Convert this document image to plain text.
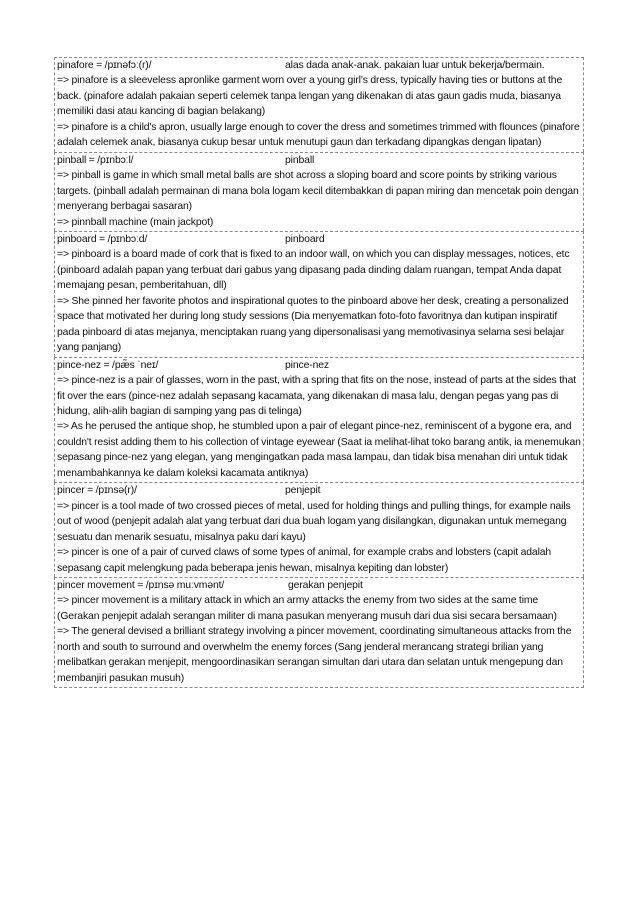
pinafore = /pɪnəfɔː(r)/	alas dada anak-anak. pakaian luar untuk bekerja/bermain.
=> pinafore is a sleeveless apronlike garment worn over a young girl's dress, typically having ties or buttons at the back. (pinafore adalah pakaian seperti celemek tanpa lengan yang dikenakan di atas gaun gadis muda, biasanya memiliki dasi atau kancing di bagian belakang)
=> pinafore is a child's apron, usually large enough to cover the dress and sometimes trimmed with flounces (pinafore adalah celemek anak, biasanya cukup besar untuk menutupi gaun dan terkadang dipangkas dengan lipatan)
pinball = /pɪnbɔːl/	pinball
=> pinball is game in which small metal balls are shot across a sloping board and score points by striking various targets. (pinball adalah permainan di mana bola logam kecil ditembakkan di papan miring dan mencetak poin dengan menyerang berbagai sasaran)
=> pinnball machine (main jackpot)
pinboard = /pɪnbɔːd/	pinboard
=> pinboard is a board made of cork that is fixed to an indoor wall, on which you can display messages, notices, etc (pinboard adalah papan yang terbuat dari gabus yang dipasang pada dinding dalam ruangan, tempat Anda dapat memajang pesan, pemberitahuan, dll)
=> She pinned her favorite photos and inspirational quotes to the pinboard above her desk, creating a personalized space that motivated her during long study sessions (Dia menyematkan foto-foto favoritnya dan kutipan inspiratif pada pinboard di atas mejanya, menciptakan ruang yang dipersonalisasi yang memotivasinya selama sesi belajar yang panjang)
pince-nez = /pæ̃s ˈneɪ/	pince-nez
=> pince-nez is a pair of glasses, worn in the past, with a spring that fits on the nose, instead of parts at the sides that fit over the ears (pince-nez adalah sepasang kacamata, yang dikenakan di masa lalu, dengan pegas yang pas di hidung, alih-alih bagian di samping yang pas di telinga)
=> As he perused the antique shop, he stumbled upon a pair of elegant pince-nez, reminiscent of a bygone era, and couldn't resist adding them to his collection of vintage eyewear (Saat ia melihat-lihat toko barang antik, ia menemukan sepasang pince-nez yang elegan, yang mengingatkan pada masa lampau, dan tidak bisa menahan diri untuk tidak menambahkannya ke dalam koleksi kacamata antiknya)
pincer = /pɪnsə(r)/	penjepit
=> pincer is a tool made of two crossed pieces of metal, used for holding things and pulling things, for example nails out of wood (penjepit adalah alat yang terbuat dari dua buah logam yang disilangkan, digunakan untuk memegang sesuatu dan menarik sesuatu, misalnya paku dari kayu)
=> pincer is one of a pair of curved claws of some types of animal, for example crabs and lobsters (capit adalah sepasang capit melengkung pada beberapa jenis hewan, misalnya kepiting dan lobster)
pincer movement = /pɪnsə muːvmənt/	gerakan penjepit
=> pincer movement is a military attack in which an army attacks the enemy from two sides at the same time (Gerakan penjepit adalah serangan militer di mana pasukan menyerang musuh dari dua sisi secara bersamaan)
=> The general devised a brilliant strategy involving a pincer movement, coordinating simultaneous attacks from the north and south to surround and overwhelm the enemy forces (Sang jenderal merancang strategi brilian yang melibatkan gerakan menjepit, mengoordinasikan serangan simultan dari utara dan selatan untuk mengepung dan membanjiri pasukan musuh)
